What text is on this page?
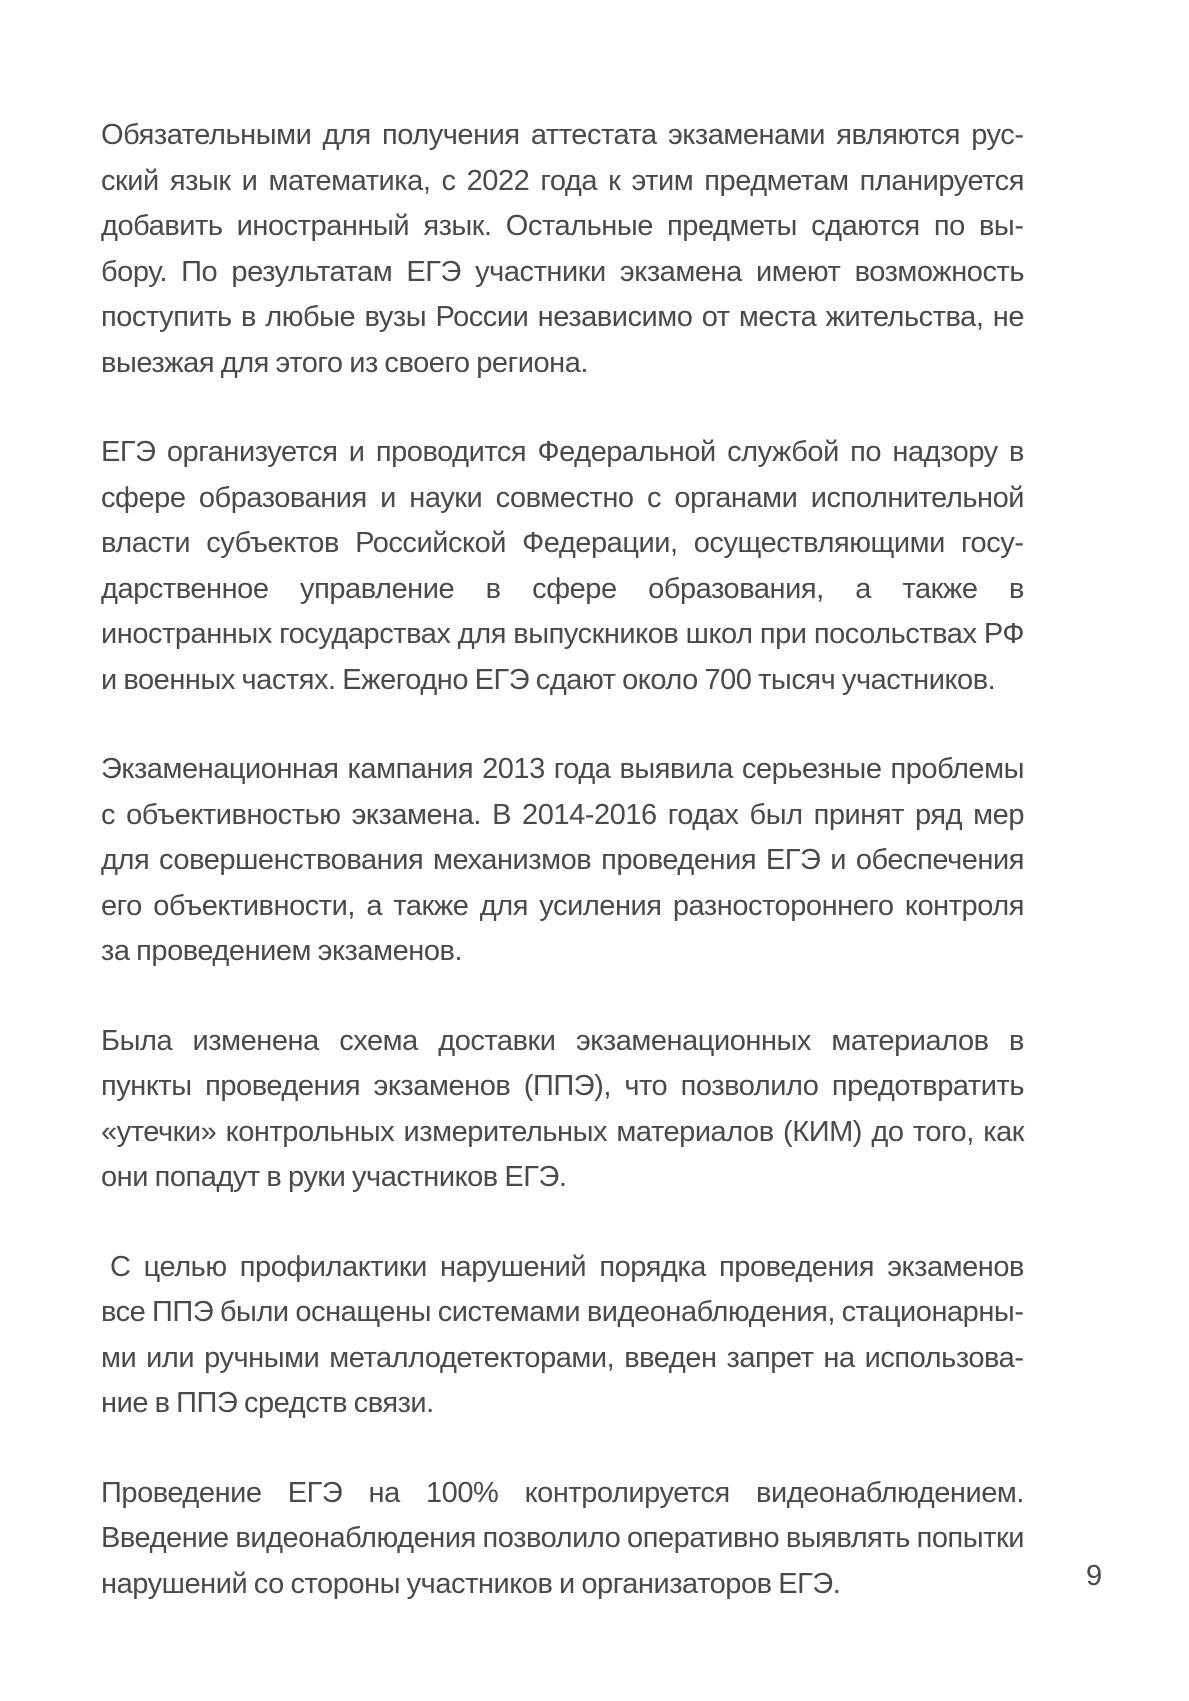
Обязательными для получения аттестата экзаменами являются русский язык и математика, с 2022 года к этим предметам планируется добавить иностранный язык. Остальные предметы сдаются по выбору. По результатам ЕГЭ участники экзамена имеют возможность поступить в любые вузы России независимо от места жительства, не выезжая для этого из своего региона.

ЕГЭ организуется и проводится Федеральной службой по надзору в сфере образования и науки совместно с органами исполнительной власти субъектов Российской Федерации, осуществляющими государственное управление в сфере образования, а также в иностранных государствах для выпускников школ при посольствах РФ и военных частях. Ежегодно ЕГЭ сдают около 700 тысяч участников.

Экзаменационная кампания 2013 года выявила серьезные проблемы с объективностью экзамена. В 2014-2016 годах был принят ряд мер для совершенствования механизмов проведения ЕГЭ и обеспечения его объективности, а также для усиления разностороннего контроля за проведением экзаменов.

Была изменена схема доставки экзаменационных материалов в пункты проведения экзаменов (ППЭ), что позволило предотвратить «утечки» контрольных измерительных материалов (КИМ) до того, как они попадут в руки участников ЕГЭ.

С целью профилактики нарушений порядка проведения экзаменов все ППЭ были оснащены системами видеонаблюдения, стационарными или ручными металлодетекторами, введен запрет на использование в ППЭ средств связи.

Проведение ЕГЭ на 100% контролируется видеонаблюдением. Введение видеонаблюдения позволило оперативно выявлять попытки нарушений со стороны участников и организаторов ЕГЭ.	9
